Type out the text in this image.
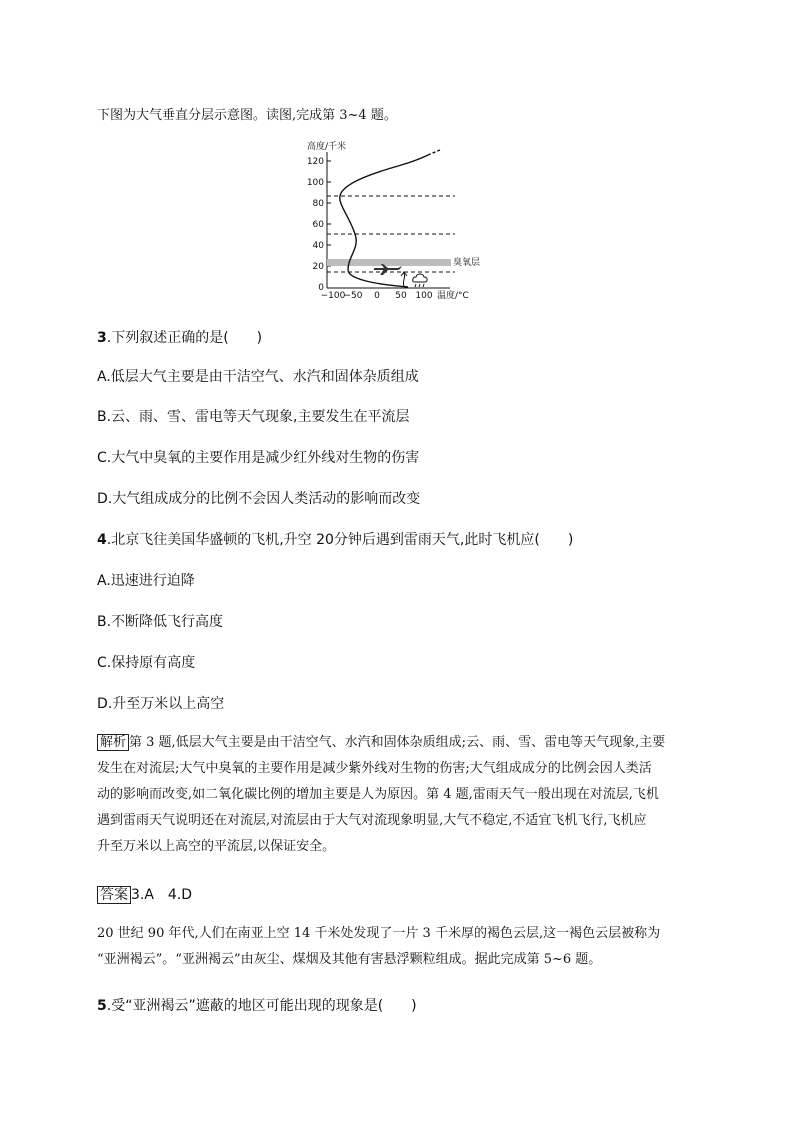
下图为大气垂直分层示意图。读图,完成第 3~4 题。
高度/千米
120
100
80
60
40
20
0
−100
−50 0 50 100 温度/°C
臭氧层
3.下列叙述正确的是(　　)
A.低层大气主要是由干洁空气、水汽和固体杂质组成
B.云、雨、雪、雷电等天气现象,主要发生在平流层
C.大气中臭氧的主要作用是减少红外线对生物的伤害
D.大气组成成分的比例不会因人类活动的影响而改变
4.北京飞往美国华盛顿的飞机,升空 20分钟后遇到雷雨天气,此时飞机应(　　)
A.迅速进行迫降
B.不断降低飞行高度
C.保持原有高度
D.升至万米以上高空
解析 第 3 题,低层大气主要是由干洁空气、水汽和固体杂质组成;云、雨、雪、雷电等天气现象,主要
发生在对流层;大气中臭氧的主要作用是减少紫外线对生物的伤害;大气组成成分的比例会因人类活
动的影响而改变,如二氧化碳比例的增加主要是人为原因。第 4 题,雷雨天气一般出现在对流层,飞机
遇到雷雨天气说明还在对流层,对流层由于大气对流现象明显,大气不稳定,不适宜飞机飞行,飞机应
升至万米以上高空的平流层,以保证安全。
答案 3.A　4.D
20 世纪 90 年代,人们在南亚上空 14 千米处发现了一片 3 千米厚的褐色云层,这一褐色云层被称为
“亚洲褐云”。“亚洲褐云”由灰尘、煤烟及其他有害悬浮颗粒组成。据此完成第 5~6 题。
5.受“亚洲褐云”遮蔽的地区可能出现的现象是(　　)
